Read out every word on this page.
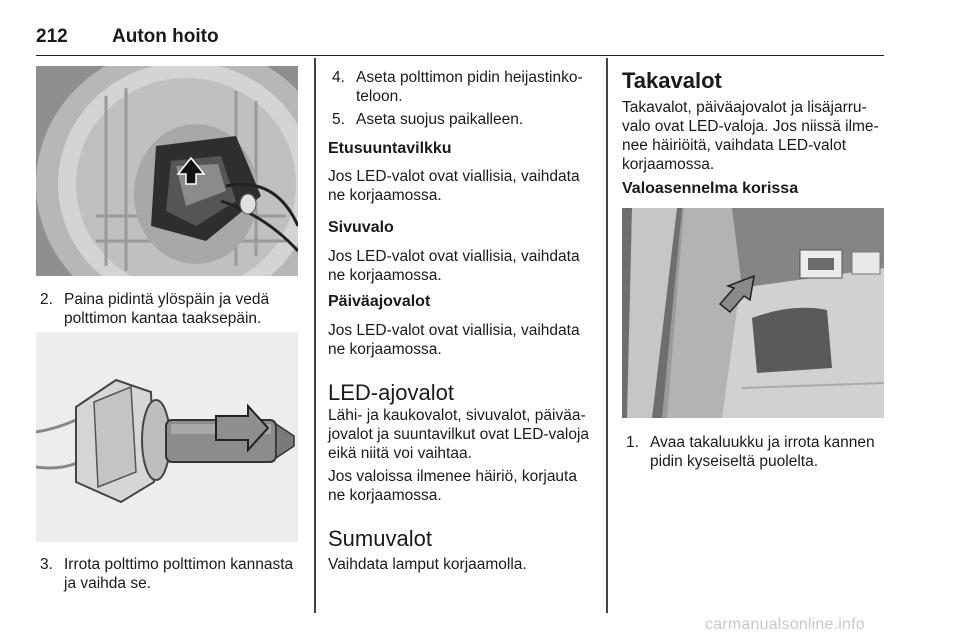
212 Auton hoito
2. Paina pidintä ylöspäin ja vedä polttimon kantaa taaksepäin.
3. Irrota polttimo polttimon kannasta ja vaihda se.
4. Aseta polttimon pidin heijastinkoteloon.
5. Aseta suojus paikalleen.
Etusuuntavilkku
Jos LED-valot ovat viallisia, vaihdata ne korjaamossa.
Sivuvalo
Jos LED-valot ovat viallisia, vaihdata ne korjaamossa.
Päiväajovalot
Jos LED-valot ovat viallisia, vaihdata ne korjaamossa.
LED-ajovalot
Lähi- ja kaukovalot, sivuvalot, päiväajovalot ja suuntavilkut ovat LED-valoja eikä niitä voi vaihtaa.
Jos valoissa ilmenee häiriö, korjauta ne korjaamossa.
Sumuvalot
Vaihdata lamput korjaamolla.
Takavalot
Takavalot, päiväajovalot ja lisäjarruvalo ovat LED-valoja. Jos niissä ilmenee häiriöitä, vaihdata LED-valot korjaamossa.
Valoasennelma korissa
1. Avaa takaluukku ja irrota kannen pidin kyseiseltä puolelta.
carmanualsonline.info
